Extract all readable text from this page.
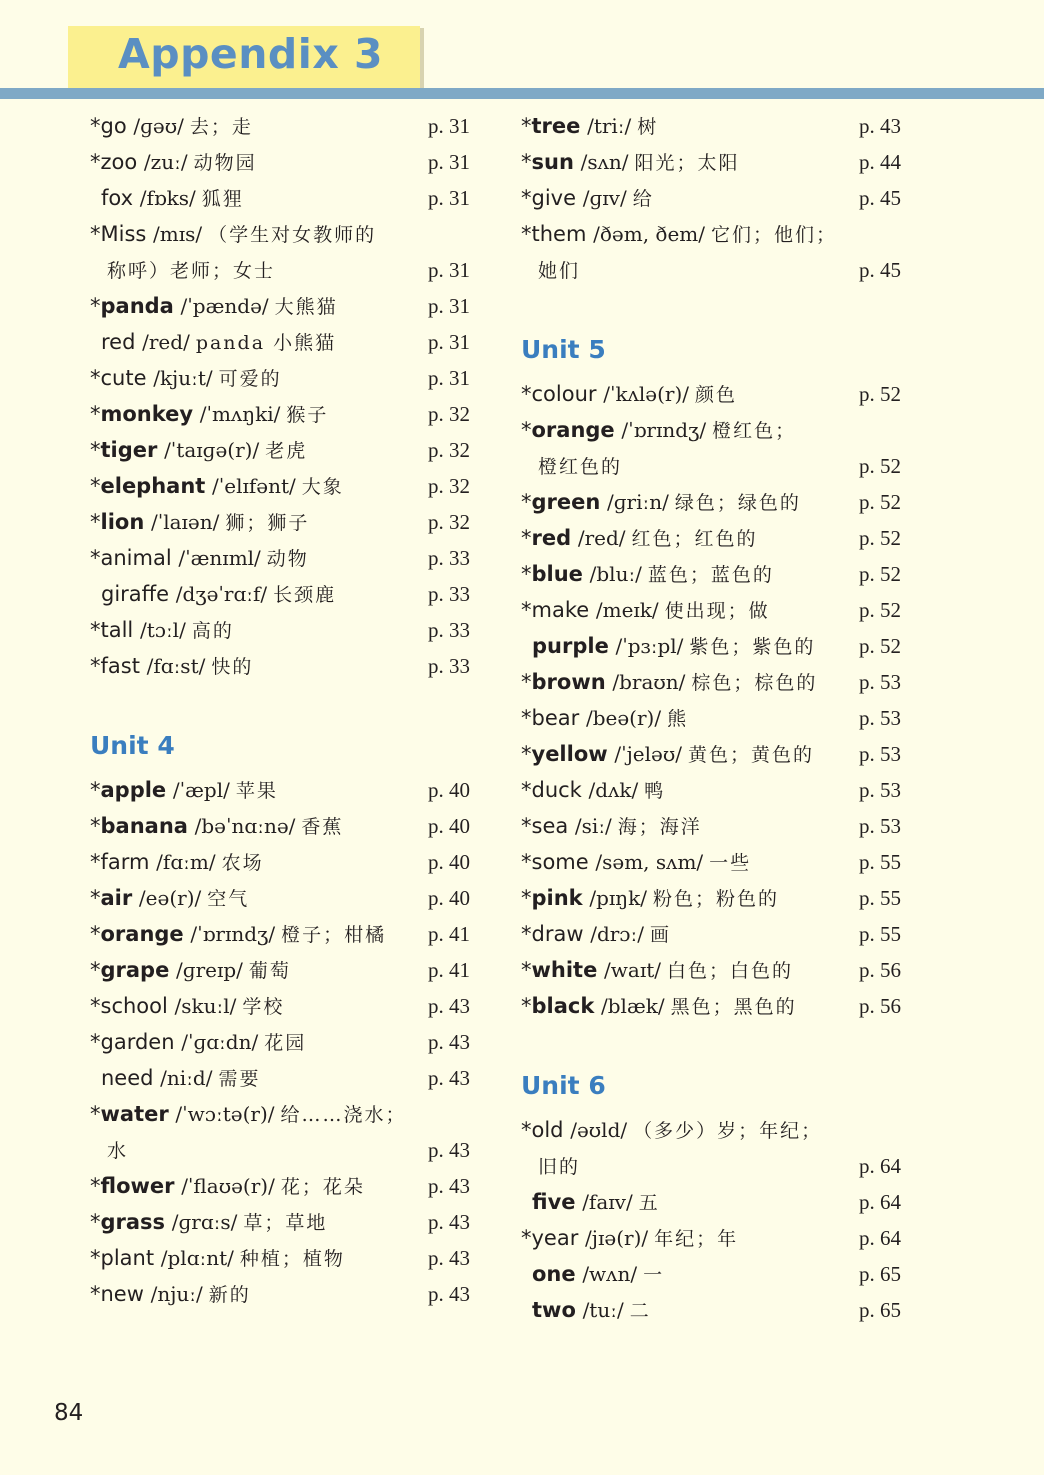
Appendix 3
*go /ɡəʊ/ 去；走	p. 31
*zoo /zuː/ 动物园	p. 31
fox /fɒks/ 狐狸	p. 31
*Miss /mɪs/ （学生对女教师的
称呼）老师；女士	p. 31
*panda /ˈpændə/ 大熊猫	p. 31
red /red/ panda 小熊猫	p. 31
*cute /kjuːt/ 可爱的	p. 31
*monkey /ˈmʌŋki/ 猴子	p. 32
*tiger /ˈtaɪɡə(r)/ 老虎	p. 32
*elephant /ˈelɪfənt/ 大象	p. 32
*lion /ˈlaɪən/ 狮；狮子	p. 32
*animal /ˈænɪml/ 动物	p. 33
giraffe /dʒəˈrɑːf/ 长颈鹿	p. 33
*tall /tɔːl/ 高的	p. 33
*fast /fɑːst/ 快的	p. 33
Unit 4
*apple /ˈæpl/ 苹果	p. 40
*banana /bəˈnɑːnə/ 香蕉	p. 40
*farm /fɑːm/ 农场	p. 40
*air /eə(r)/ 空气	p. 40
*orange /ˈɒrɪndʒ/ 橙子；柑橘 p. 41
*grape /ɡreɪp/ 葡萄	p. 41
*school /skuːl/ 学校	p. 43
*garden /ˈɡɑːdn/ 花园	p. 43
need /niːd/ 需要	p. 43
*water /ˈwɔːtə(r)/ 给……浇水；
水	p. 43
*flower /ˈflaʊə(r)/ 花；花朵	p. 43
*grass /ɡrɑːs/ 草；草地	p. 43
*plant /plɑːnt/ 种植；植物	p. 43
*new /njuː/ 新的	p. 43
*tree /triː/ 树	p. 43
*sun /sʌn/ 阳光；太阳	p. 44
*give /ɡɪv/ 给	p. 45
*them /ðəm, ðem/ 它们；他们；
她们	p. 45
Unit 5
*colour /ˈkʌlə(r)/ 颜色	p. 52
*orange /ˈɒrɪndʒ/ 橙红色；
橙红色的	p. 52
*green /ɡriːn/ 绿色；绿色的	p. 52
*red /red/ 红色；红色的	p. 52
*blue /bluː/ 蓝色；蓝色的	p. 52
*make /meɪk/ 使出现；做	p. 52
purple /ˈpɜːpl/ 紫色；紫色的 p. 52
*brown /braʊn/ 棕色；棕色的 p. 53
*bear /beə(r)/ 熊	p. 53
*yellow /ˈjeləʊ/ 黄色；黄色的 p. 53
*duck /dʌk/ 鸭	p. 53
*sea /siː/ 海；海洋	p. 53
*some /səm, sʌm/ 一些	p. 55
*pink /pɪŋk/ 粉色；粉色的	p. 55
*draw /drɔː/ 画	p. 55
*white /waɪt/ 白色；白色的	p. 56
*black /blæk/ 黑色；黑色的	p. 56
Unit 6
*old /əʊld/ （多少）岁；年纪；
旧的	p. 64
five /faɪv/ 五	p. 64
*year /jɪə(r)/ 年纪；年	p. 64
one /wʌn/ 一	p. 65
two /tuː/ 二	p. 65
84
